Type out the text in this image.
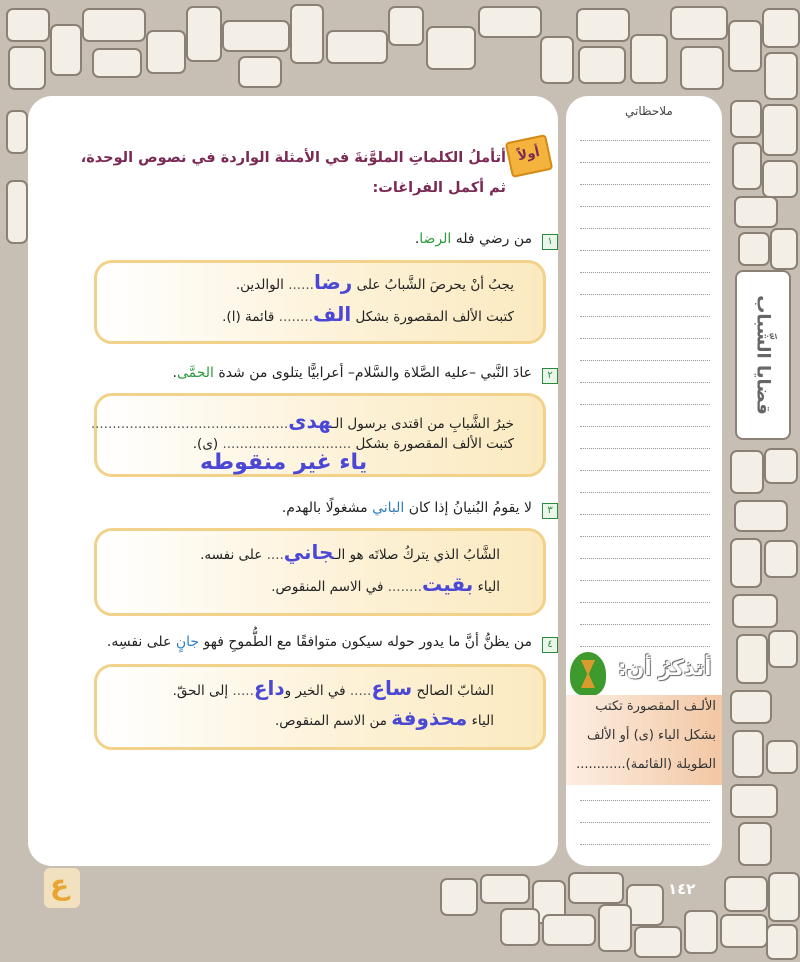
أولاً
أتأملُ الكلماتِ الملوَّنةَ في الأمثلة الواردة في نصوص الوحدة،
ثم أكمل الفراغات:
١
من رضي فله الرضا.
يجبُ أنْ يحرصَ الشَّبابُ على رضا...... الوالدين.
كتبت الألف المقصورة بشكل الف........ قائمة (ا).
٢
عادَ النَّبي –عليه الصَّلاة والسَّلام– أعرابيًّا يتلوى من شدة الحمَّى.
خيرُ الشَّبابِ من اقتدى برسول الـهدى..............................................
كتبت الألف المقصورة بشكل .............................. (ى).
ياء غير منقوطه
٣
لا يقومُ البُنيانُ إذا كان الباني مشغولًا بالهدم.
الشَّابُ الذي يتركُ صلاتَه هو الـجاني.... على نفسه.
الياء بقيت........ في الاسم المنقوص.
٤
من يظنُّ أنَّ ما يدور حوله سيكون متوافقًا مع الطُّموحِ فهو جانٍ على نفسِه.
الشابّ الصالح ساع..... في الخير وداع..... إلى الحقّ.
الياء محذوفة من الاسم المنقوص.
ملاحظاتي
قضايا الشَّباب
أتذكرُ أن:
الألـف المقصورة تكتب
بشكل الياء (ى) أو الألف
الطويلة (القائمة)............
١٤٢
ع
